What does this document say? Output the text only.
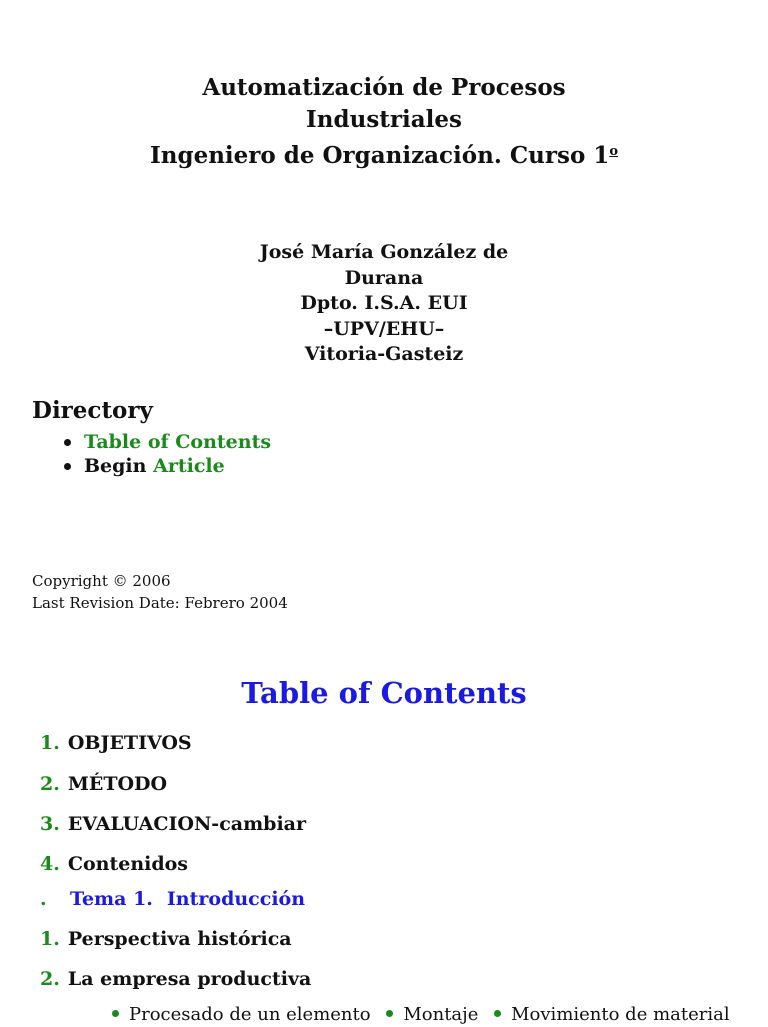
Automatización de Procesos
Industriales
Ingeniero de Organización. Curso 1$^o$
José María González de
Durana
Dpto. I.S.A. EUI
–UPV/EHU–
Vitoria-Gasteiz
Directory
Table of Contents
Begin Article
Copyright © 2006
Last Revision Date: Febrero 2004
Table of Contents
1. OBJETIVOS
2. MÉTODO
3. EVALUACION-cambiar
4. Contenidos
. Tema 1. Introducción
1. Perspectiva histórica
2. La empresa productiva
Procesado de un elemento Montaje Movimiento de material
